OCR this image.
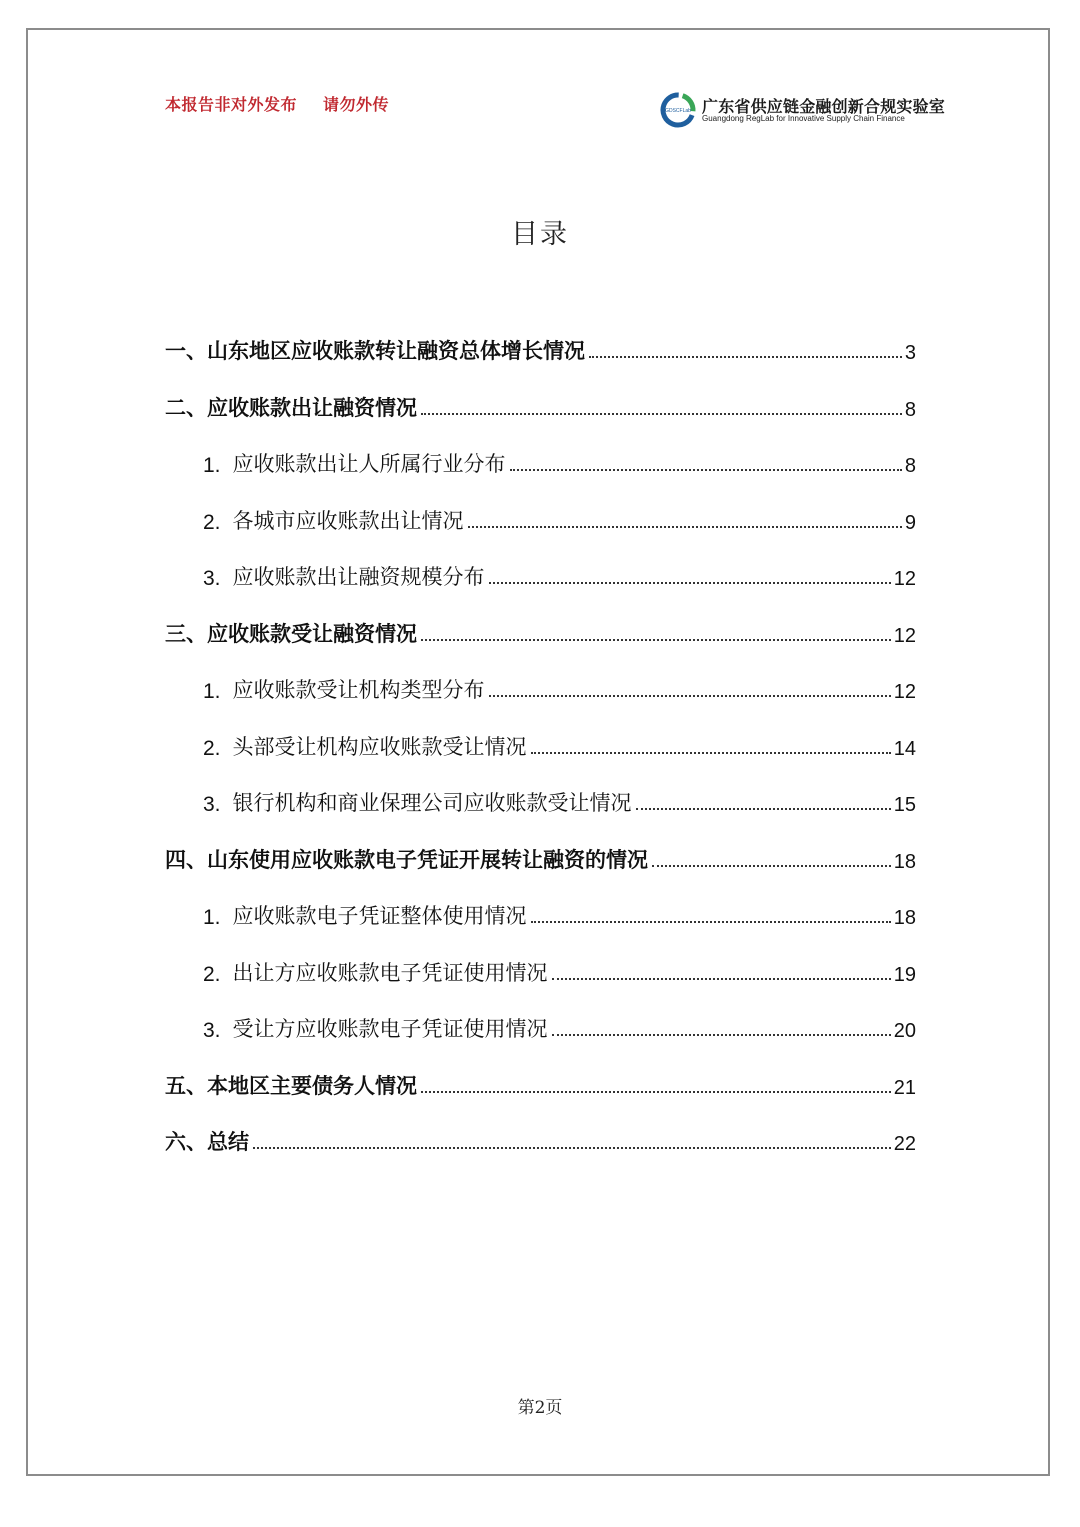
本报告非对外发布 请勿外传	GDSCFLab 广东省供应链金融创新合规实验室
Guangdong RegLab for Innovative Supply Chain Finance
目录
一、山东地区应收账款转让融资总体增长情况	3
二、应收账款出让融资情况	8
1. 应收账款出让人所属行业分布	8
2. 各城市应收账款出让情况	9
3. 应收账款出让融资规模分布	12
三、应收账款受让融资情况	12
1. 应收账款受让机构类型分布	12
2. 头部受让机构应收账款受让情况	14
3. 银行机构和商业保理公司应收账款受让情况	15
四、山东使用应收账款电子凭证开展转让融资的情况	18
1. 应收账款电子凭证整体使用情况	18
2. 出让方应收账款电子凭证使用情况	19
3. 受让方应收账款电子凭证使用情况	20
五、本地区主要债务人情况	21
六、总结	22
第2页
